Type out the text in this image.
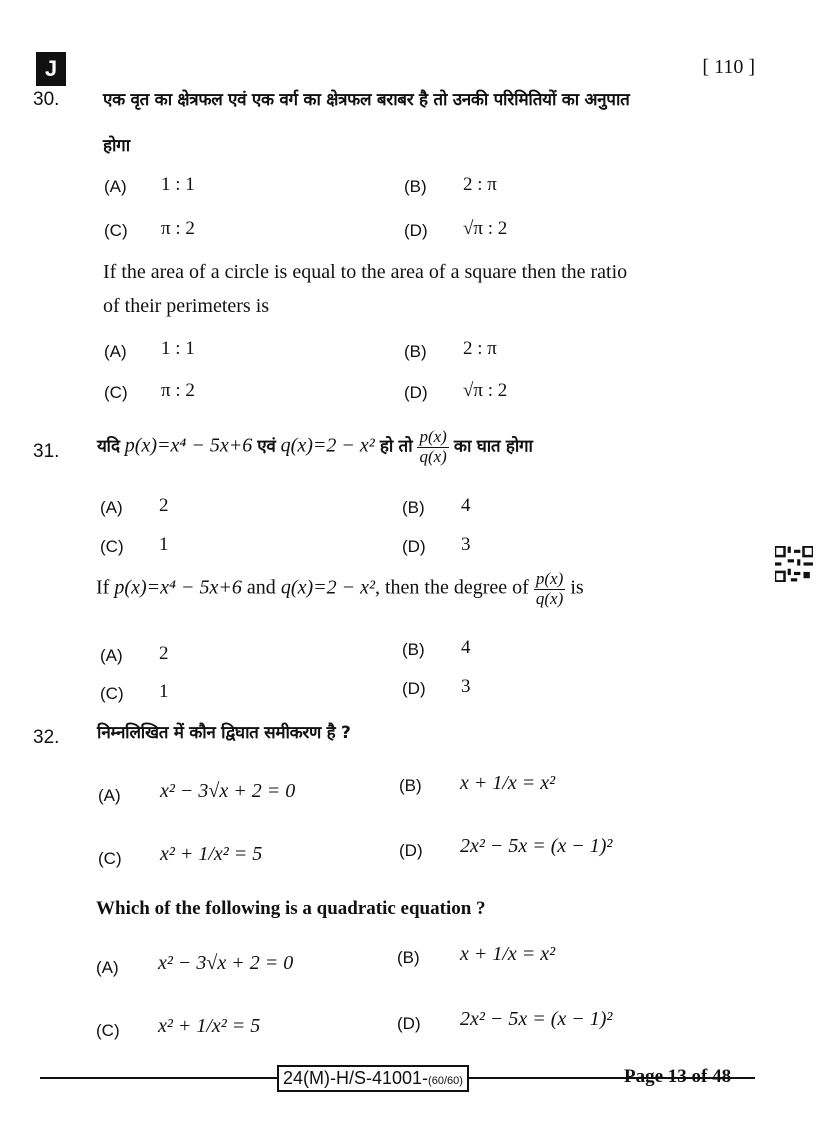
J	[ 110 ]
30.	एक वृत का क्षेत्रफल एवं एक वर्ग का क्षेत्रफल बराबर है तो उनकी परिमितियों का अनुपात
होगा
(A) 1 : 1	(B) 2 : π
(C) π : 2	(D) √π : 2
If the area of a circle is equal to the area of a square then the ratio
of their perimeters is
(A) 1 : 1	(B) 2 : π
(C) π : 2	(D) √π : 2
31. यदि p(x)=x⁴ − 5x+6 एवं q(x)=2 − x² हो तो $\frac{p(x)}{q(x)}$ का घात होगा
(A) 2	(B) 4
(C) 1	(D) 3
If p(x)=x⁴ − 5x+6 and q(x)=2 − x², then the degree of $\frac{p(x)}{q(x)}$ is
(A) 2	(B) 4
(C) 1	(D) 3
32. निम्नलिखित में कौन द्विघात समीकरण है ?
(A) x² − 3√x + 2 = 0	(B) x + 1/x = x²
(C) x² + 1/x² = 5	(D) 2x² − 5x = (x − 1)²
Which of the following is a quadratic equation ?
(A) x² − 3√x + 2 = 0	(B) x + 1/x = x²
(C) x² + 1/x² = 5	(D) 2x² − 5x = (x − 1)²
24(M)-H/S-41001-(60/60)	Page 13 of 48
